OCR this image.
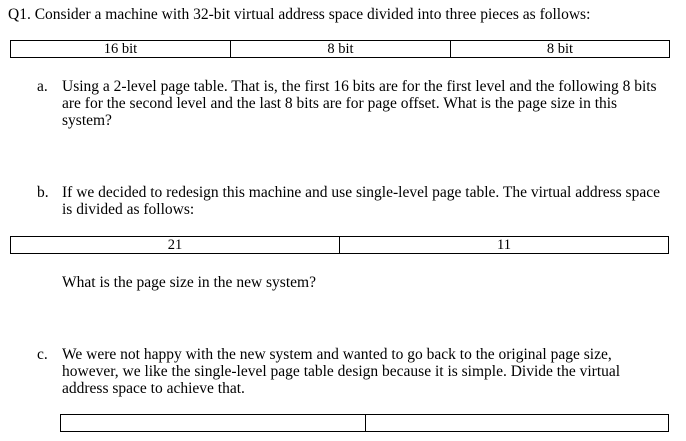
Q1. Consider a machine with 32-bit virtual address space divided into three pieces as follows:
16 bit	8 bit	8 bit
a. Using a 2-level page table. That is, the first 16 bits are for the first level and the following 8 bits
are for the second level and the last 8 bits are for page offset. What is the page size in this
system?
b. If we decided to redesign this machine and use single-level page table. The virtual address space
is divided as follows:
21	11
What is the page size in the new system?
c. We were not happy with the new system and wanted to go back to the original page size,
however, we like the single-level page table design because it is simple. Divide the virtual
address space to achieve that.
